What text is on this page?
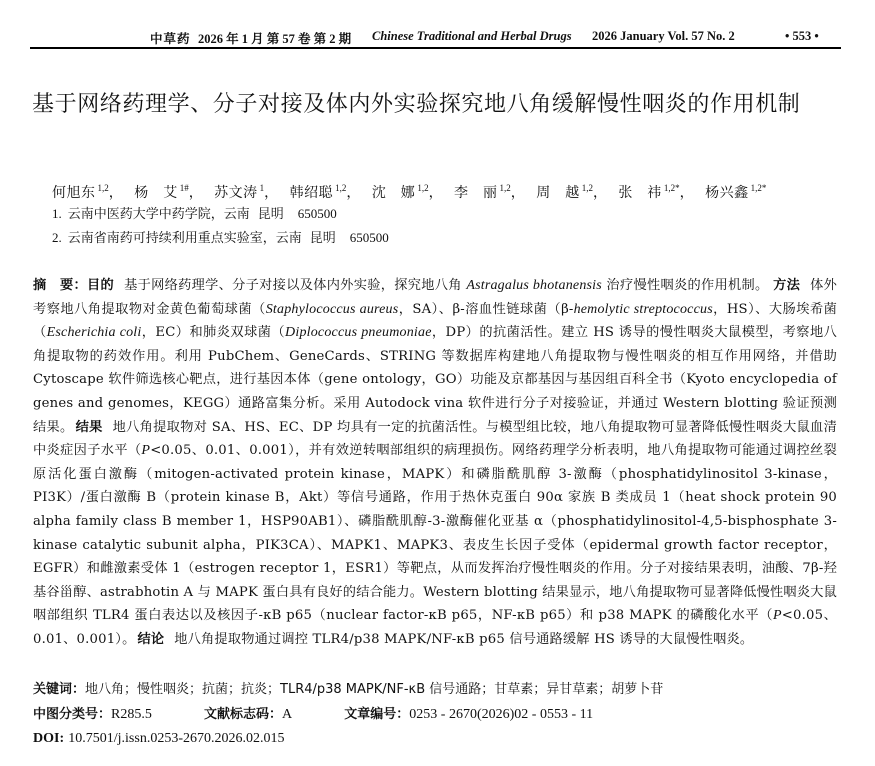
中草药 2026 年 1 月 第 57 卷 第 2 期 Chinese Traditional and Herbal Drugs 2026 January Vol. 57 No. 2	• 553 •
基于网络药理学、分子对接及体内外实验探究地八角缓解慢性咽炎的作用机制
何旭东 $^{1,2}$， 杨　艾 $^{1\#}$， 苏文涛 $^1$， 韩绍聪 $^{1,2}$， 沈　娜 $^{1,2}$， 李　丽 $^{1,2}$， 周　越 $^{1,2}$， 张　祎 $^{1,2*}$， 杨兴鑫 $^{1,2*}$
1. 云南中医药大学中药学院，云南 昆明 650500
2. 云南省南药可持续利用重点实验室，云南 昆明 650500
摘　要：目的 基于网络药理学、分子对接以及体内外实验，探究地八角 Astragalus bhotanensis 治疗慢性咽炎的作用机制。 方法 体外考察地八角提取物对金黄色葡萄球菌（Staphylococcus aureus，SA）、β-溶血性链球菌（β-hemolytic streptococcus，HS）、大肠埃希菌（Escherichia coli，EC）和肺炎双球菌（Diplococcus pneumoniae，DP）的抗菌活性。建立 HS 诱导的慢性咽炎大鼠模型，考察地八角提取物的药效作用。利用 PubChem、GeneCards、STRING 等数据库构建地八角提取物与慢性咽炎的相互作用网络，并借助 Cytoscape 软件筛选核心靶点，进行基因本体（gene ontology，GO）功能及京都基因与基因组百科全书（Kyoto encyclopedia of genes and genomes，KEGG）通路富集分析。采用 Autodock vina 软件进行分子对接验证，并通过 Western blotting 验证预测结果。 结果 地八角提取物对 SA、HS、EC、DP 均具有一定的抗菌活性。与模型组比较，地八角提取物可显著降低慢性咽炎大鼠血清中炎症因子水平（P<0.05、0.01、0.001），并有效逆转咽部组织的病理损伤。网络药理学分析表明，地八角提取物可能通过调控丝裂原活化蛋白激酶（mitogen-activated protein kinase，MAPK）和磷脂酰肌醇 3-激酶（phosphatidylinositol 3-kinase，PI3K）/蛋白激酶 B（protein kinase B，Akt）等信号通路，作用于热休克蛋白 90α 家族 B 类成员 1（heat shock protein 90 alpha family class B member 1，HSP90AB1）、磷脂酰肌醇-3-激酶催化亚基 α（phosphatidylinositol-4,5-bisphosphate 3-kinase catalytic subunit alpha，PIK3CA）、MAPK1、MAPK3、表皮生长因子受体（epidermal growth factor receptor，EGFR）和雌激素受体 1（estrogen receptor 1，ESR1）等靶点，从而发挥治疗慢性咽炎的作用。分子对接结果表明，油酸、7β-羟基谷甾醇、astrabhotin A 与 MAPK 蛋白具有良好的结合能力。Western blotting 结果显示，地八角提取物可显著降低慢性咽炎大鼠咽部组织 TLR4 蛋白表达以及核因子-κB p65（nuclear factor-κB p65，NF-κB p65）和 p38 MAPK 的磷酸化水平（P<0.05、0.01、0.001）。 结论 地八角提取物通过调控 TLR4/p38 MAPK/NF-κB p65 信号通路缓解 HS 诱导的大鼠慢性咽炎。
关键词：地八角；慢性咽炎；抗菌；抗炎；TLR4/p38 MAPK/NF-κB 信号通路；甘草素；异甘草素；胡萝卜苷
中图分类号：R285.5	文献标志码：A	文章编号：0253 - 2670(2026)02 - 0553 - 11
DOI: 10.7501/j.issn.0253-2670.2026.02.015
